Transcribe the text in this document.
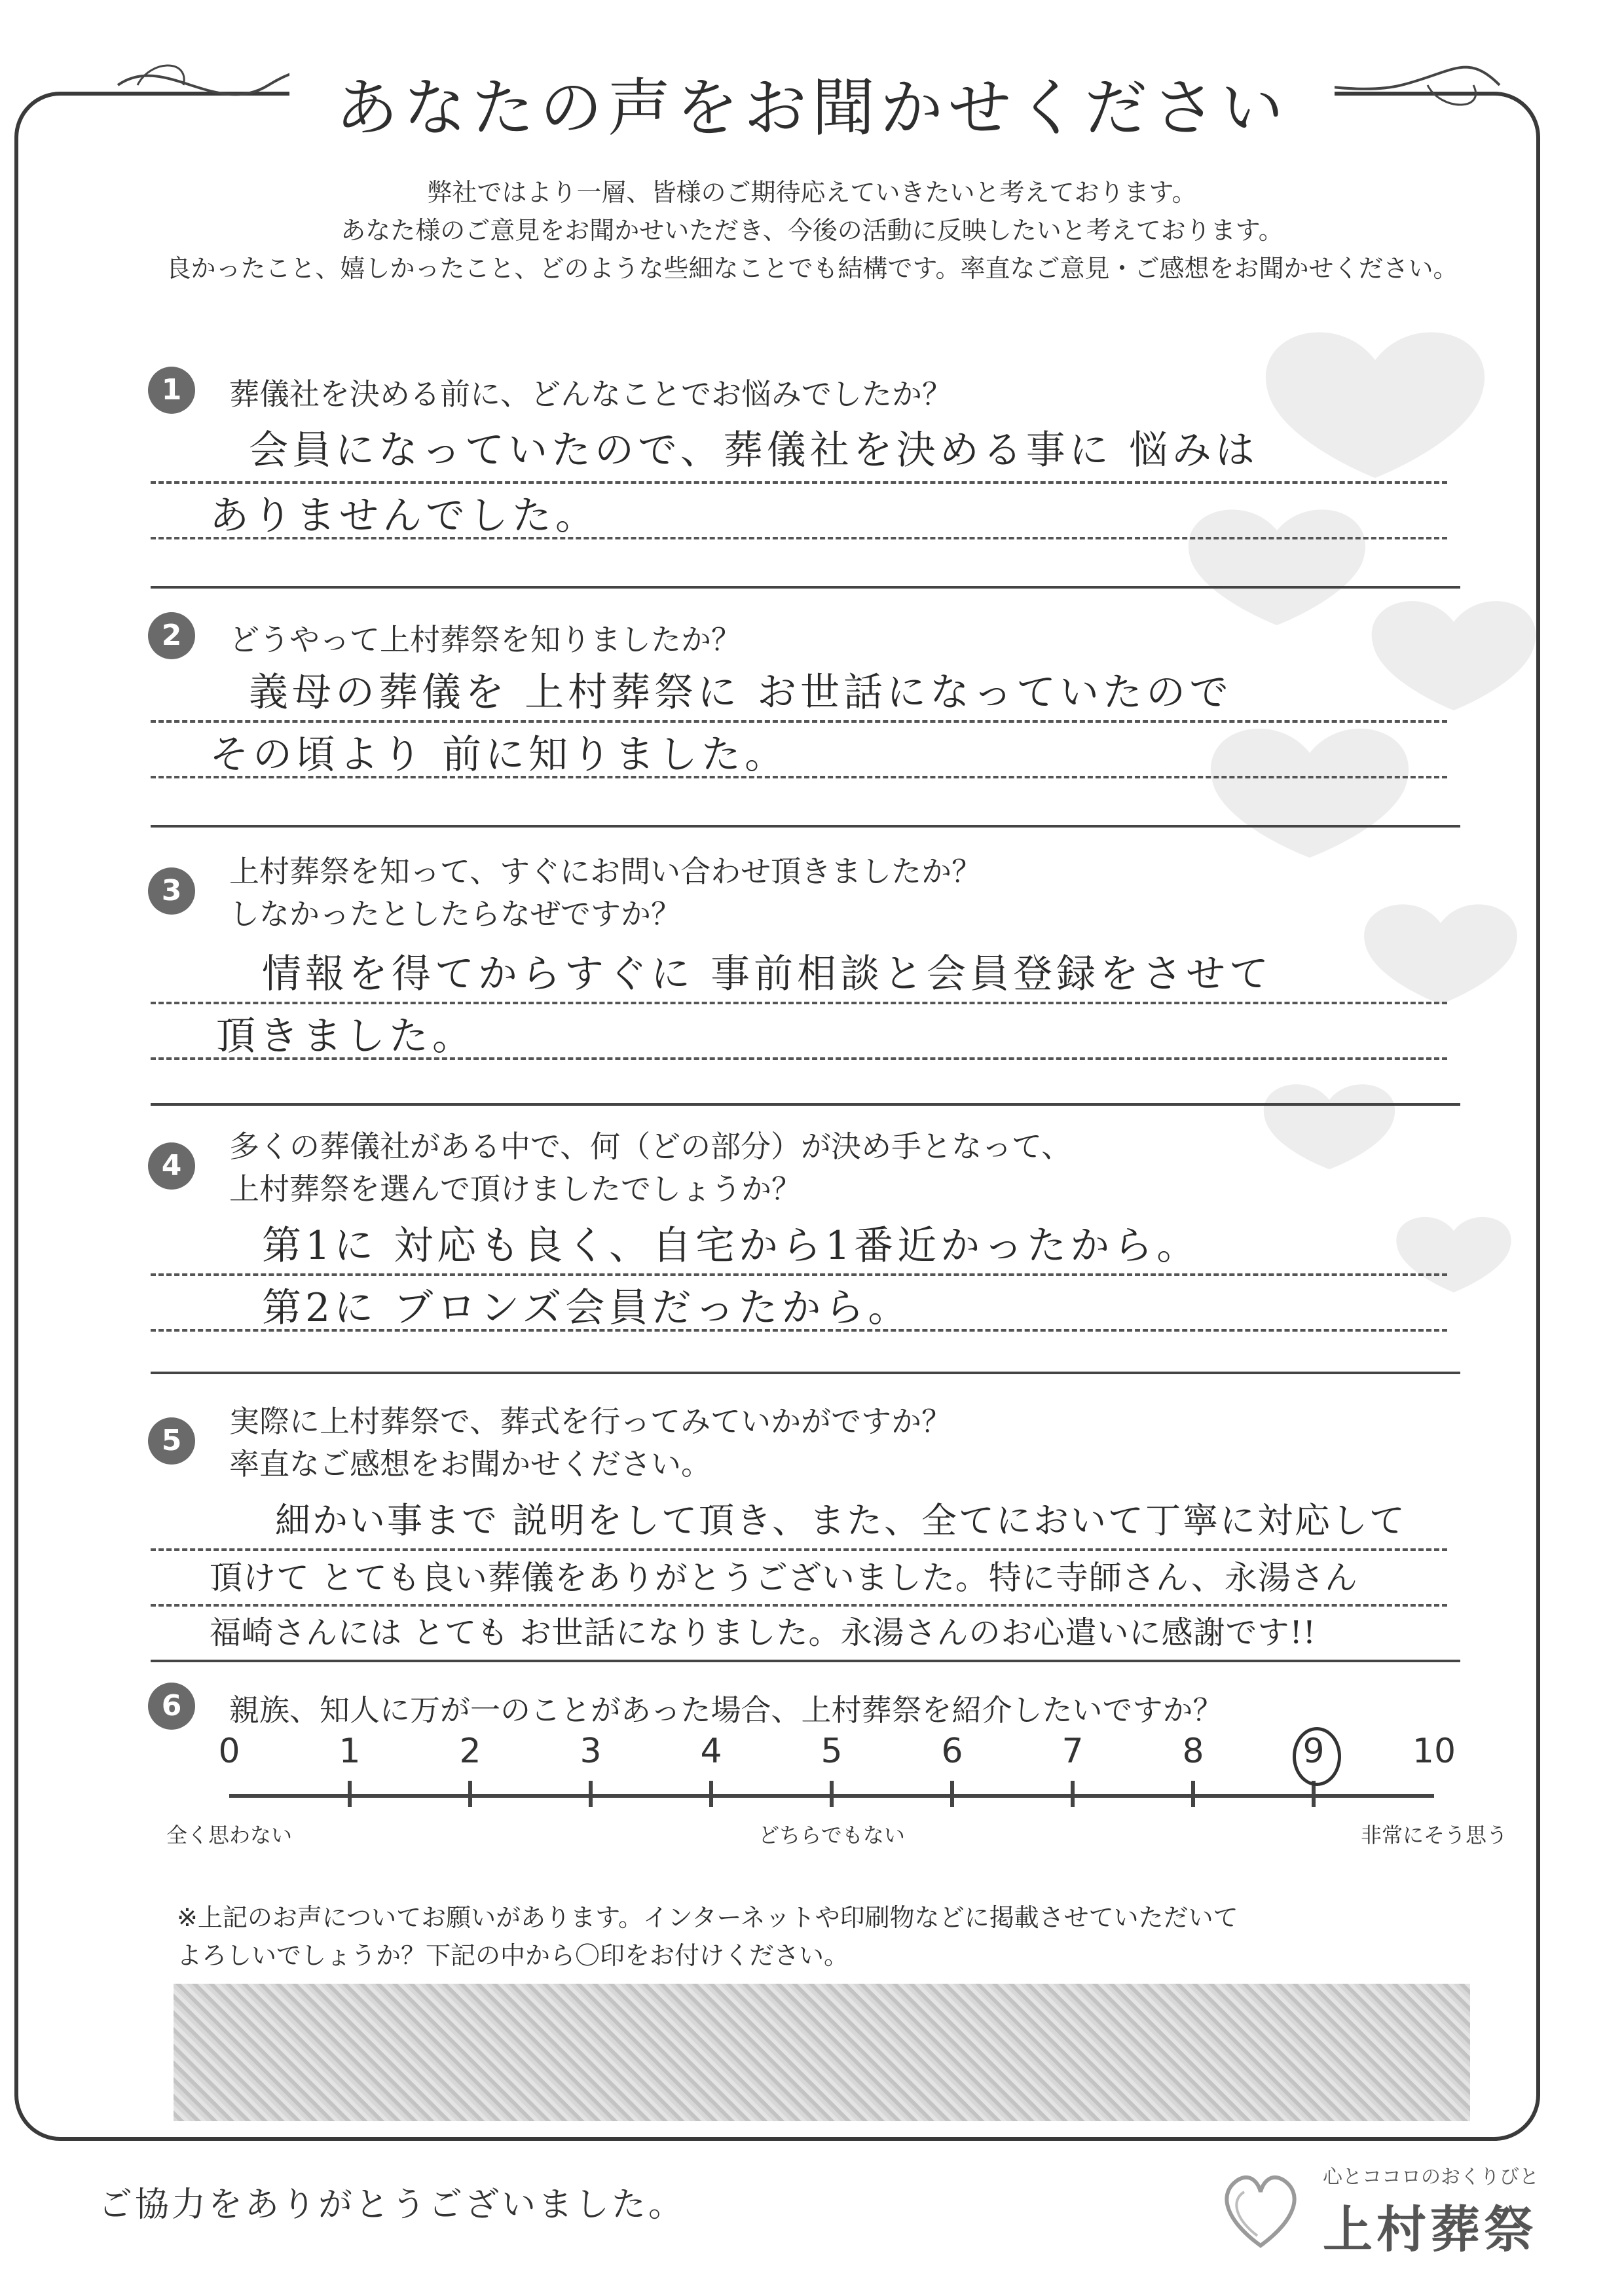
あなたの声をお聞かせください
弊社ではより一層、皆様のご期待応えていきたいと考えております。
あなた様のご意見をお聞かせいただき、今後の活動に反映したいと考えております。
良かったこと、嬉しかったこと、どのような些細なことでも結構です。率直なご意見・ご感想をお聞かせください。
1	葬儀社を決める前に、どんなことでお悩みでしたか？
会員になっていたので、葬儀社を決める事に 悩みは
ありませんでした。
2	どうやって上村葬祭を知りましたか？
義母の葬儀を 上村葬祭に お世話になっていたので
その頃より 前に知りました。
3
上村葬祭を知って、すぐにお問い合わせ頂きましたか？
しなかったとしたらなぜですか？
情報を得てからすぐに 事前相談と会員登録をさせて
頂きました。
4
多くの葬儀社がある中で、何（どの部分）が決め手となって、
上村葬祭を選んで頂けましたでしょうか？
第1に 対応も良く、自宅から1番近かったから。
第2に ブロンズ会員だったから。
5
実際に上村葬祭で、葬式を行ってみていかがですか？
率直なご感想をお聞かせください。
細かい事まで 説明をして頂き、また、全てにおいて丁寧に対応して
頂けて とても良い葬儀をありがとうございました。特に寺師さん、永湯さん
福崎さんには とても お世話になりました。永湯さんのお心遣いに感謝です!!
6	親族、知人に万が一のことがあった場合、上村葬祭を紹介したいですか？
0	1	2	3	4	5	6	7	8	9	10
全く思わない	どちらでもない	非常にそう思う
※上記のお声についてお願いがあります。インターネットや印刷物などに掲載させていただいて
よろしいでしょうか？下記の中から〇印をお付けください。
ご協力をありがとうございました。
心とココロのおくりびと
上村葬祭
